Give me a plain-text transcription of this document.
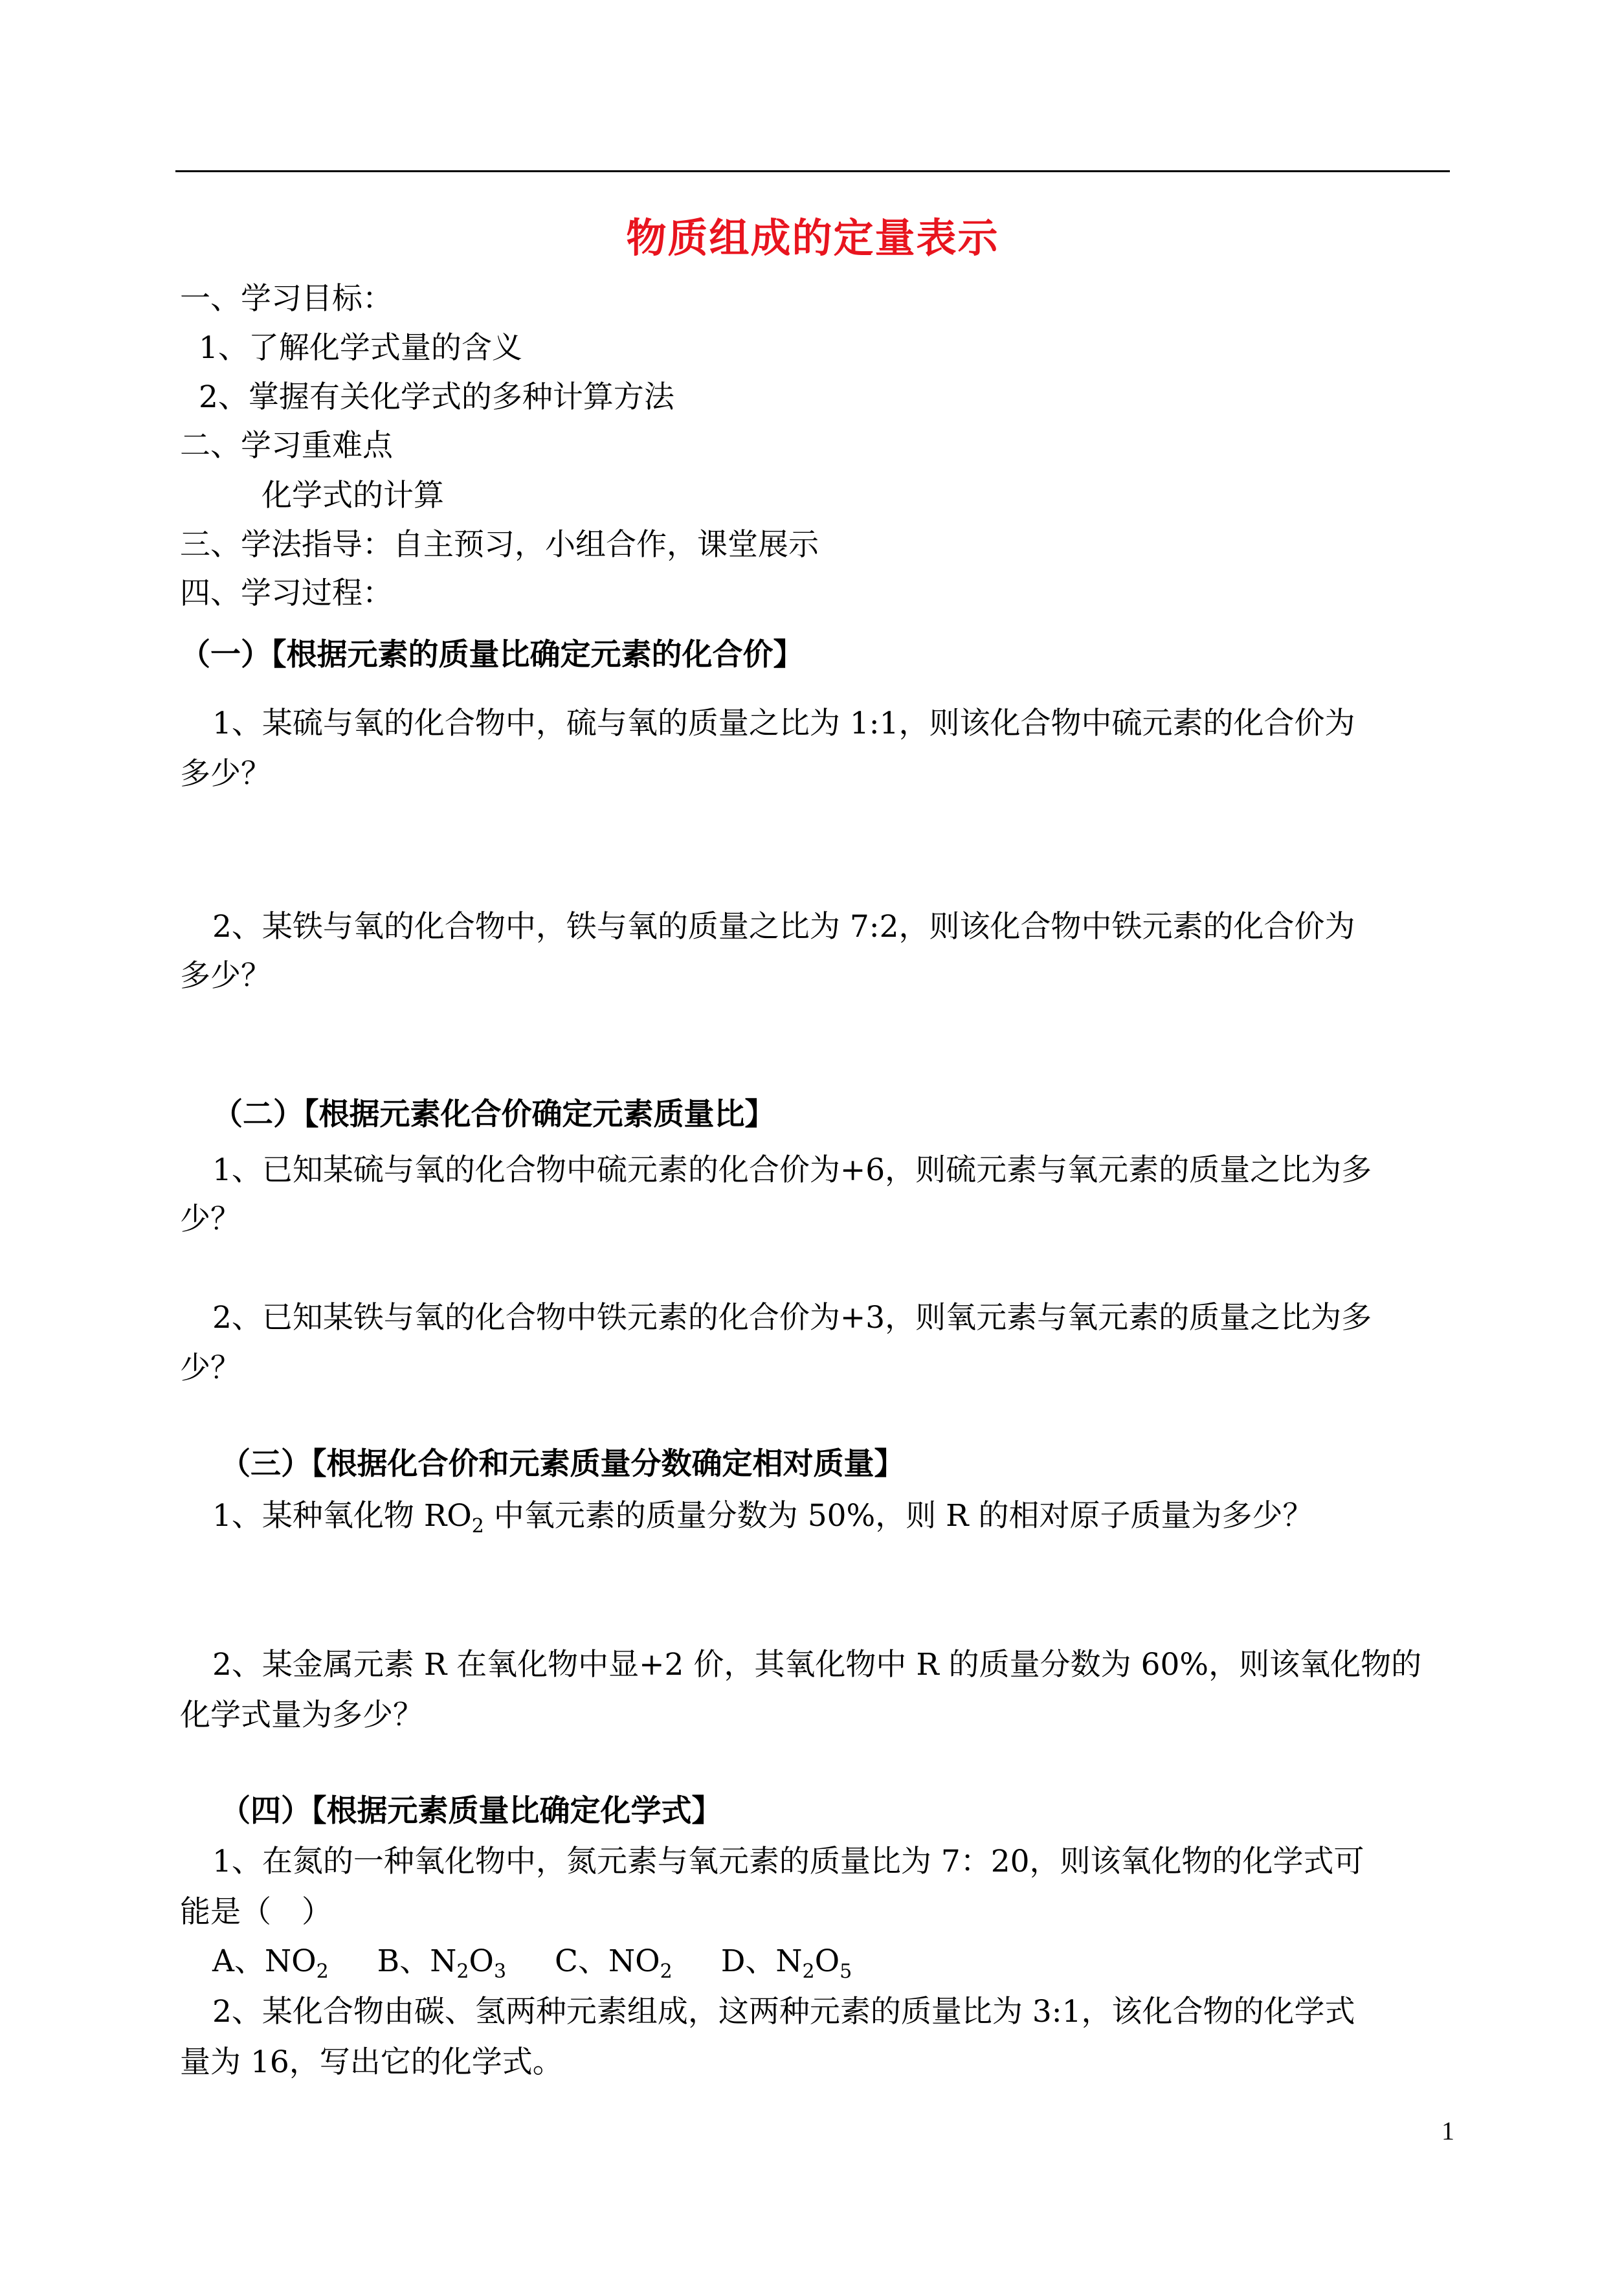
物质组成的定量表示
一、学习目标：
1、了解化学式量的含义
2、掌握有关化学式的多种计算方法
二、学习重难点
化学式的计算
三、学法指导：自主预习，小组合作，课堂展示
四、学习过程：
（一）【根据元素的质量比确定元素的化合价】
1、某硫与氧的化合物中，硫与氧的质量之比为 1:1，则该化合物中硫元素的化合价为
多少？
2、某铁与氧的化合物中，铁与氧的质量之比为 7:2，则该化合物中铁元素的化合价为
多少？
（二）【根据元素化合价确定元素质量比】
1、已知某硫与氧的化合物中硫元素的化合价为+6，则硫元素与氧元素的质量之比为多
少？
2、已知某铁与氧的化合物中铁元素的化合价为+3，则氧元素与氧元素的质量之比为多
少？
（三）【根据化合价和元素质量分数确定相对质量】
1、某种氧化物 $RO_2$ 中氧元素的质量分数为 50%，则 R 的相对原子质量为多少？
2、某金属元素 R 在氧化物中显+2 价，其氧化物中 R 的质量分数为 60%，则该氧化物的
化学式量为多少？
（四）【根据元素质量比确定化学式】
1、在氮的一种氧化物中，氮元素与氧元素的质量比为 7：20，则该氧化物的化学式可
能是（　）
A、$NO_2$ B、$N_2O_3$ C、$NO_2$ D、$N_2O_5$
2、某化合物由碳、氢两种元素组成，这两种元素的质量比为 3:1，该化合物的化学式
量为 16，写出它的化学式。
1
